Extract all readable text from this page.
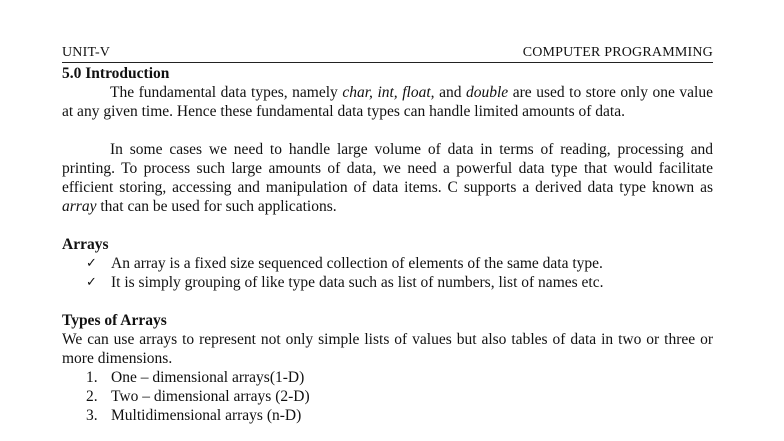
UNIT-V	COMPUTER PROGRAMMING
5.0 Introduction

The fundamental data types, namely char, int, float, and double are used to store only one value at any given time. Hence these fundamental data types can handle limited amounts of data.

In some cases we need to handle large volume of data in terms of reading, processing and printing. To process such large amounts of data, we need a powerful data type that would facilitate efficient storing, accessing and manipulation of data items. C supports a derived data type known as array that can be used for such applications.

Arrays
✓ An array is a fixed size sequenced collection of elements of the same data type.
✓ It is simply grouping of like type data such as list of numbers, list of names etc.
Types of Arrays

We can use arrays to represent not only simple lists of values but also tables of data in two or three or more dimensions.

1. One – dimensional arrays(1-D)
2. Two – dimensional arrays (2-D)
3. Multidimensional arrays (n-D)
